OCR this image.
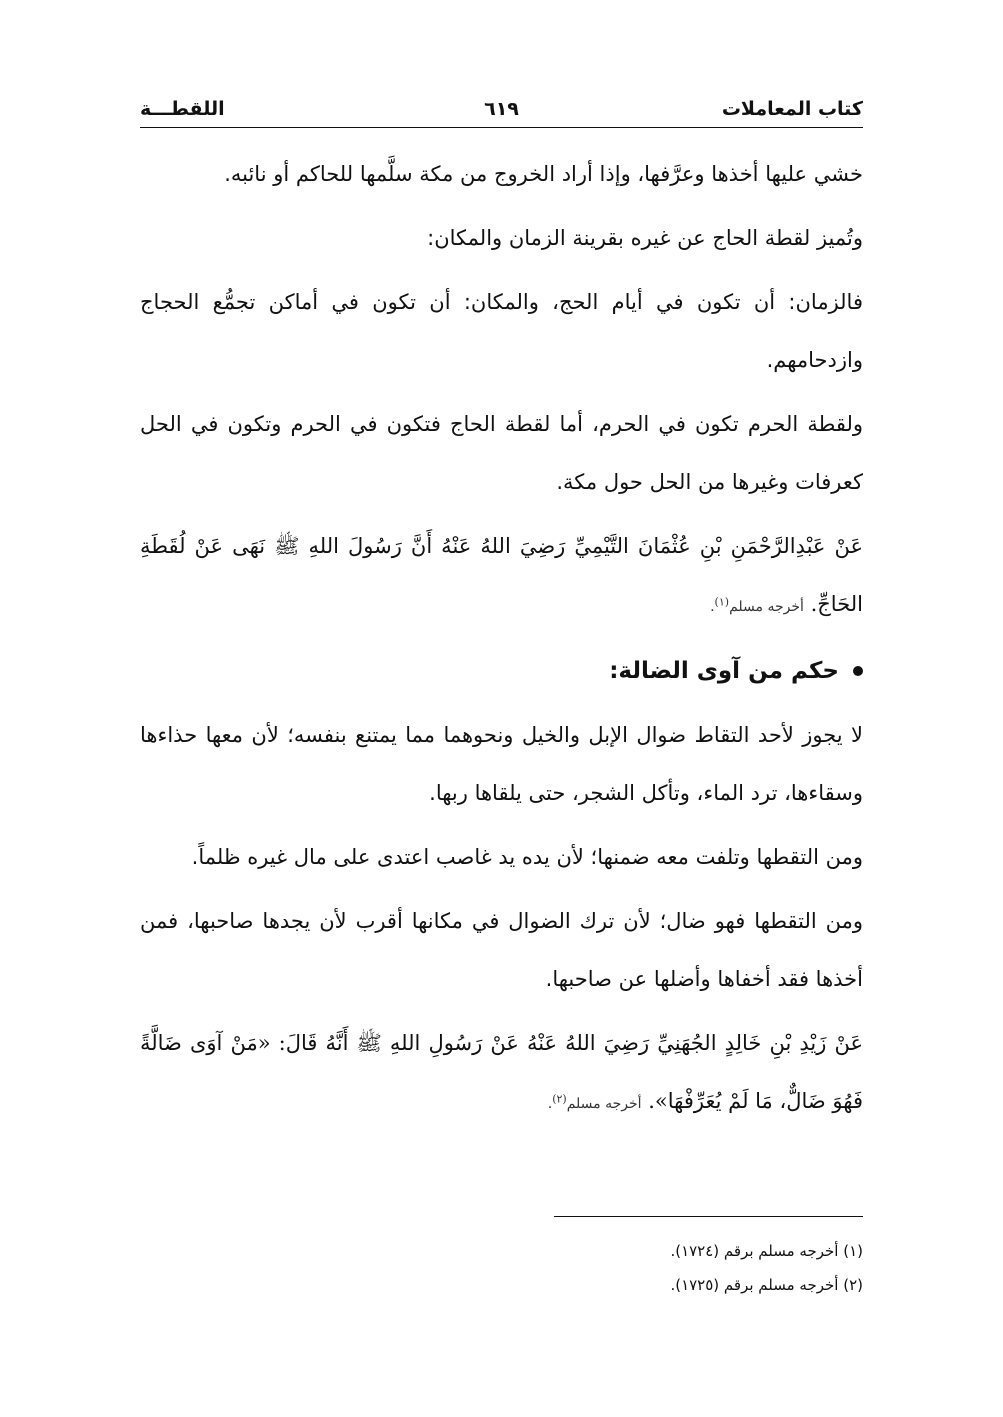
كتاب المعاملات
٦١٩
اللقطـــة

خشي عليها أخذها وعرَّفها، وإذا أراد الخروج من مكة سلَّمها للحاكم أو نائبه.

وتُميز لقطة الحاج عن غيره بقرينة الزمان والمكان:

فالزمان: أن تكون في أيام الحج، والمكان: أن تكون في أماكن تجمُّع الحجاج وازدحامهم.

ولقطة الحرم تكون في الحرم، أما لقطة الحاج فتكون في الحرم وتكون في الحل كعرفات وغيرها من الحل حول مكة.

عَنْ عَبْدِالرَّحْمَنِ بْنِ عُثْمَانَ التَّيْمِيِّ رَضِيَ اللهُ عَنْهُ أَنَّ رَسُولَ اللهِ ﷺ نَهَى عَنْ لُقَطَةِ الحَاجِّ. أخرجه مسلم$^{(١)}$.

حكم من آوى الضالة:

لا يجوز لأحد التقاط ضوال الإبل والخيل ونحوهما مما يمتنع بنفسه؛ لأن معها حذاءها وسقاءها، ترد الماء، وتأكل الشجر، حتى يلقاها ربها.

ومن التقطها وتلفت معه ضمنها؛ لأن يده يد غاصب اعتدى على مال غيره ظلماً.

ومن التقطها فهو ضال؛ لأن ترك الضوال في مكانها أقرب لأن يجدها صاحبها، فمن أخذها فقد أخفاها وأضلها عن صاحبها.

عَنْ زَيْدِ بْنِ خَالِدٍ الجُهَنِيِّ رَضِيَ اللهُ عَنْهُ عَنْ رَسُولِ اللهِ ﷺ أَنَّهُ قَالَ: «مَنْ آوَى ضَالَّةً فَهُوَ ضَالٌّ، مَا لَمْ يُعَرِّفْهَا». أخرجه مسلم$^{(٢)}$.

(١) أخرجه مسلم برقم (١٧٢٤).

(٢) أخرجه مسلم برقم (١٧٢٥).
